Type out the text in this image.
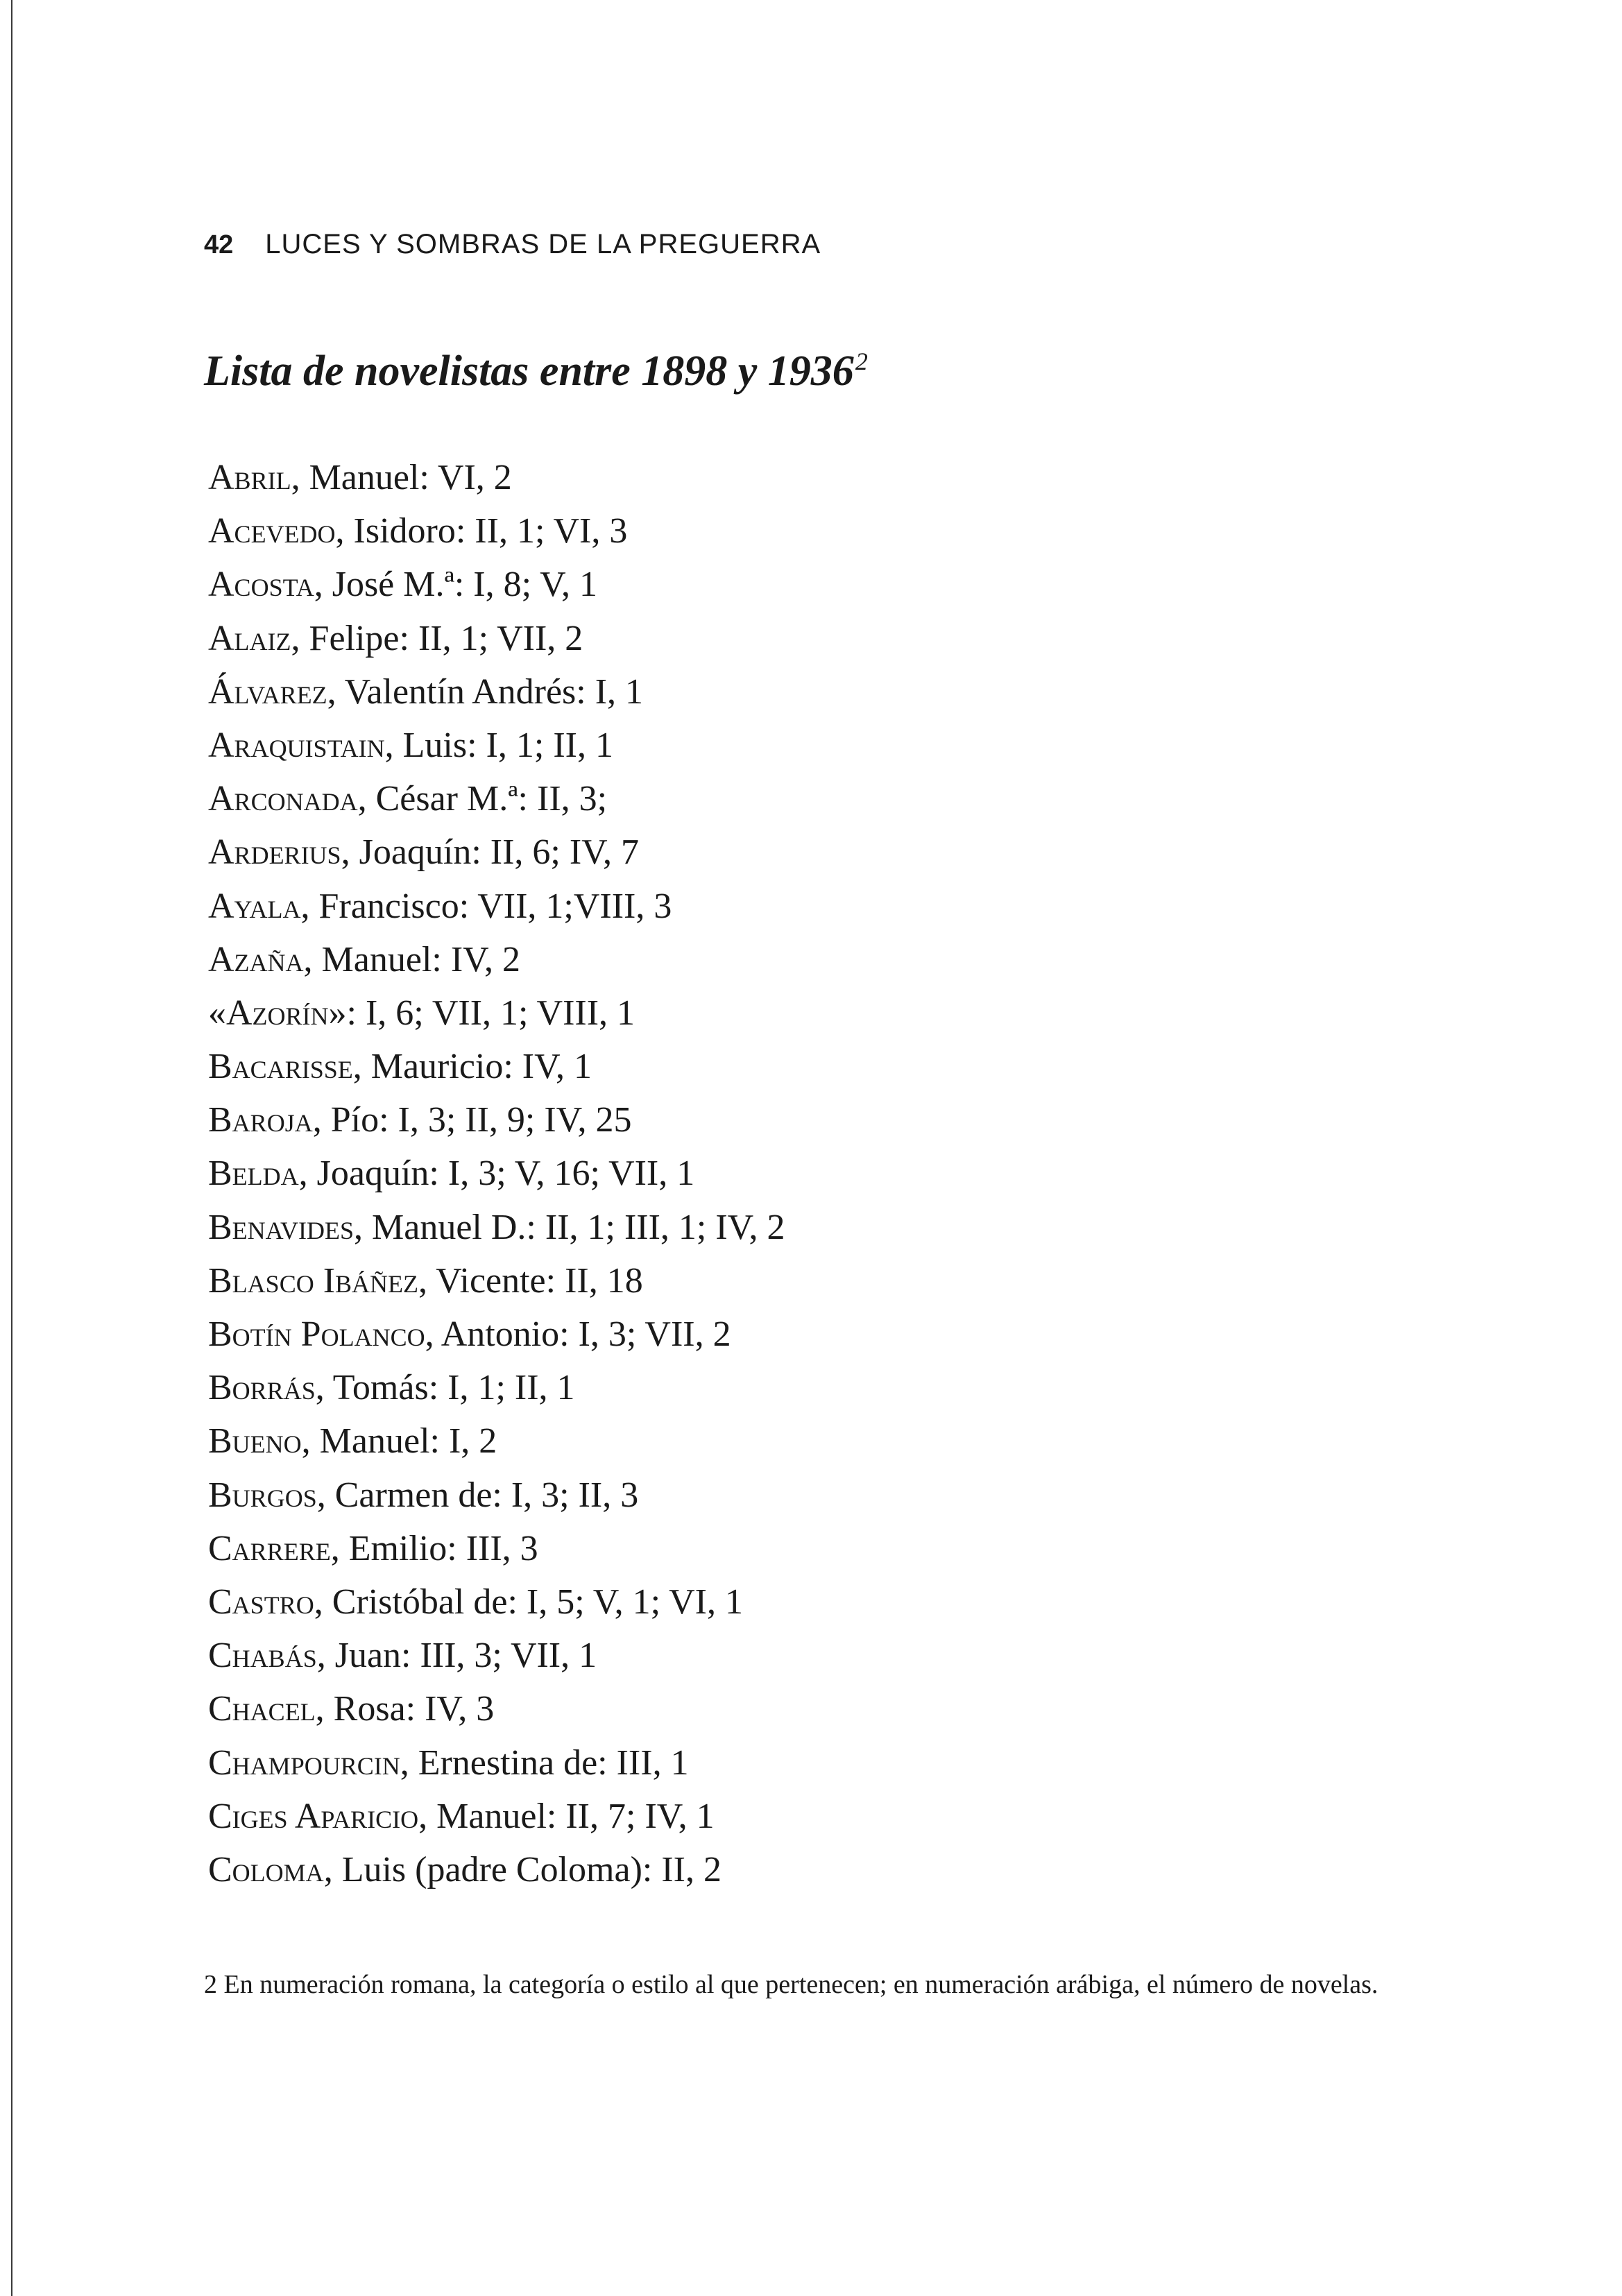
42 LUCES Y SOMBRAS DE LA PREGUERRA
Lista de novelistas entre 1898 y 1936$^2$
Abril, Manuel: VI, 2
Acevedo, Isidoro: II, 1; VI, 3
Acosta, José M.ª: I, 8; V, 1
Alaiz, Felipe: II, 1; VII, 2
Álvarez, Valentín Andrés: I, 1
Araquistain, Luis: I, 1; II, 1
Arconada, César M.ª: II, 3;
Arderius, Joaquín: II, 6; IV, 7
Ayala, Francisco: VII, 1;VIII, 3
Azaña, Manuel: IV, 2
«Azorín»: I, 6; VII, 1; VIII, 1
Bacarisse, Mauricio: IV, 1
Baroja, Pío: I, 3; II, 9; IV, 25
Belda, Joaquín: I, 3; V, 16; VII, 1
Benavides, Manuel D.: II, 1; III, 1; IV, 2
Blasco Ibáñez, Vicente: II, 18
Botín Polanco, Antonio: I, 3; VII, 2
Borrás, Tomás: I, 1; II, 1
Bueno, Manuel: I, 2
Burgos, Carmen de: I, 3; II, 3
Carrere, Emilio: III, 3
Castro, Cristóbal de: I, 5; V, 1; VI, 1
Chabás, Juan: III, 3; VII, 1
Chacel, Rosa: IV, 3
Champourcin, Ernestina de: III, 1
Ciges Aparicio, Manuel: II, 7; IV, 1
Coloma, Luis (padre Coloma): II, 2
2 En numeración romana, la categoría o estilo al que pertenecen; en numeración arábiga, el número de novelas.
